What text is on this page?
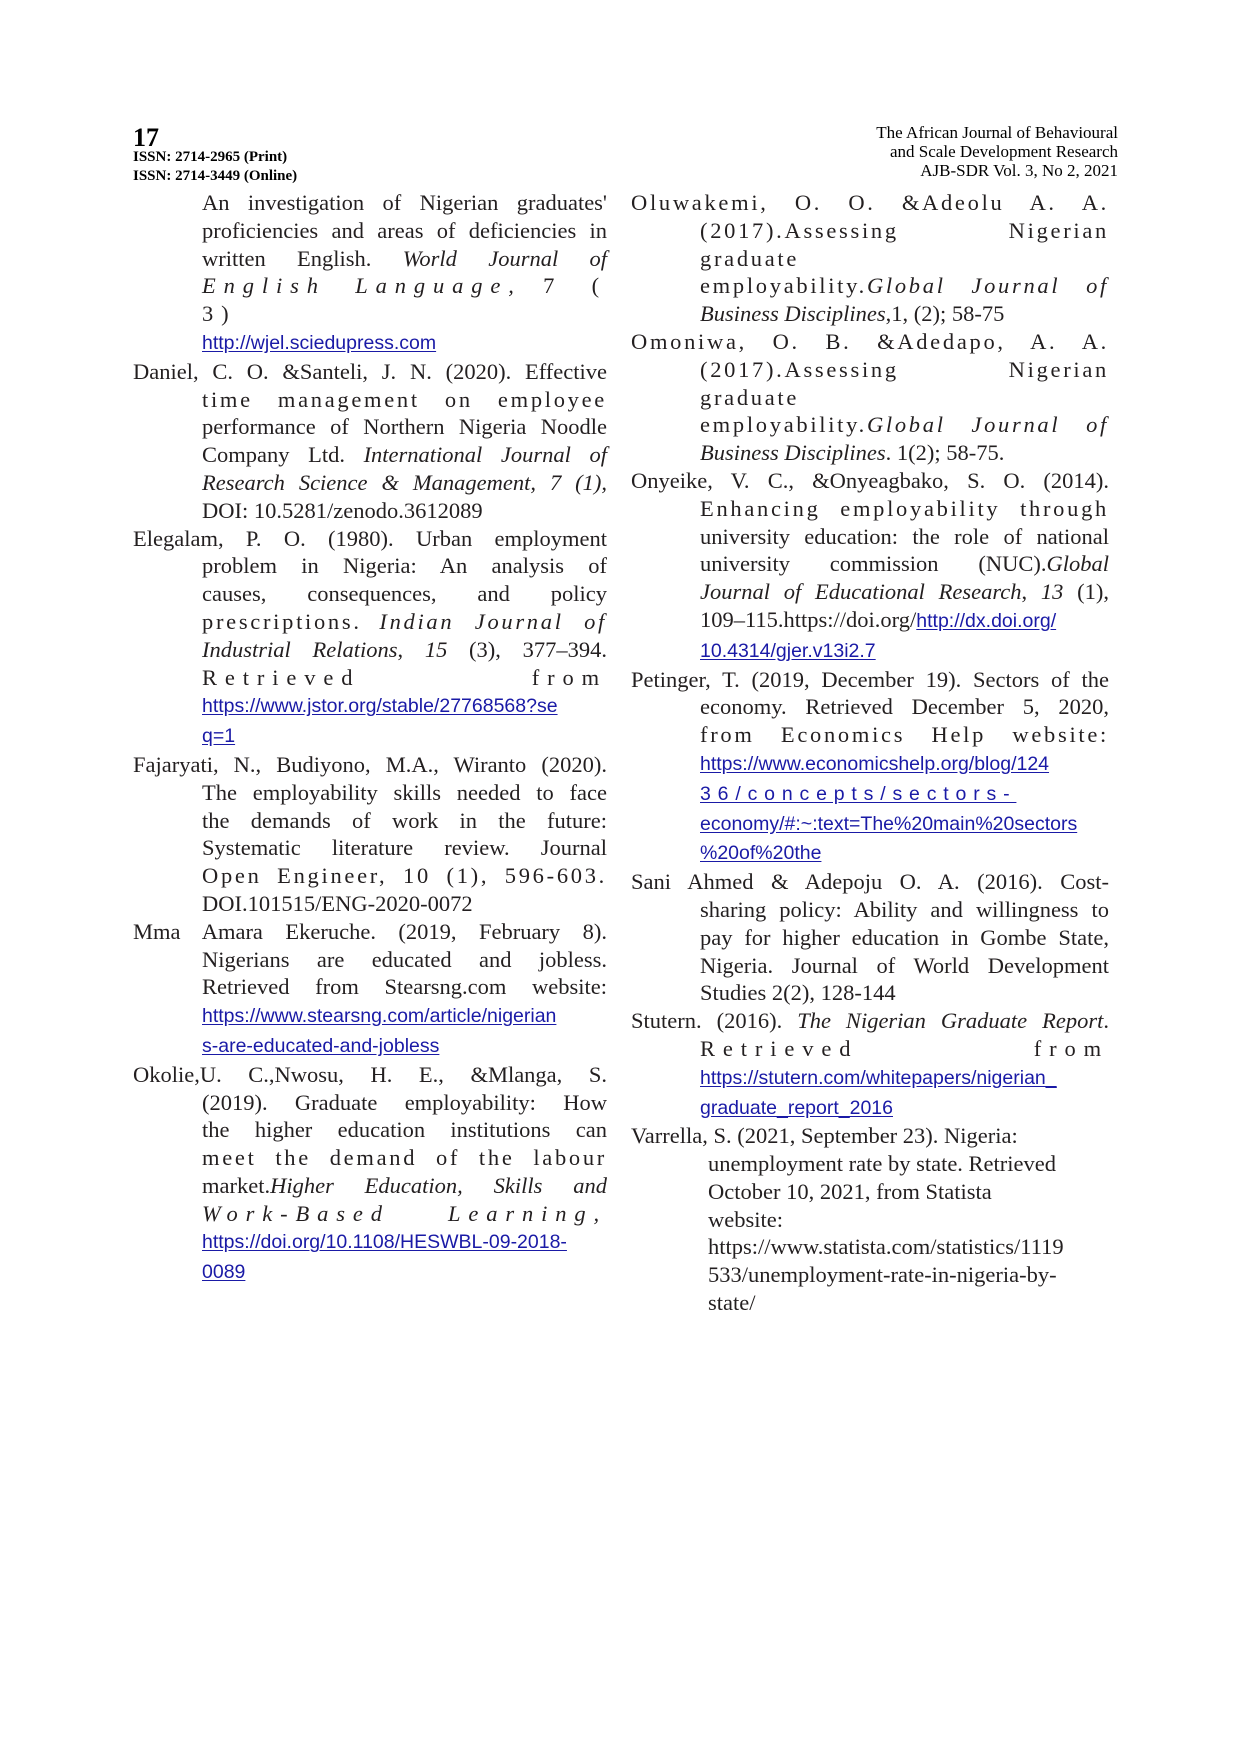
17
ISSN: 2714-2965 (Print)
ISSN: 2714-3449 (Online)
The African Journal of Behavioural
and Scale Development Research
AJB-SDR Vol. 3, No 2, 2021
An investigation of Nigerian graduates'
proficiencies and areas of deficiencies in
written English. World Journal of
English Language, 7 ( 3)
http://wjel.sciedupress.com
Daniel, C. O. &Santeli, J. N. (2020). Effective
time management on employee
performance of Northern Nigeria Noodle
Company Ltd. International Journal of
Research Science & Management, 7 (1),
DOI: 10.5281/zenodo.3612089
Elegalam, P. O. (1980). Urban employment
problem in Nigeria: An analysis of
causes, consequences, and policy
prescriptions. Indian Journal of
Industrial Relations, 15 (3), 377–394.
Retrieved	from
https://www.jstor.org/stable/27768568?se
q=1
Fajaryati, N., Budiyono, M.A., Wiranto (2020).
The employability skills needed to face
the demands of work in the future:
Systematic literature review. Journal
Open Engineer, 10 (1), 596-603.
DOI.101515/ENG-2020-0072
Mma Amara Ekeruche. (2019, February 8).
Nigerians are educated and jobless.
Retrieved from Stearsng.com website:
https://www.stearsng.com/article/nigerian
s-are-educated-and-jobless
Okolie,U. C.,Nwosu, H. E., &Mlanga, S.
(2019). Graduate employability: How
the higher education institutions can
meet the demand of the labour
market.Higher Education, Skills and
Work-Based Learning,
https://doi.org/10.1108/HESWBL-09-2018-
0089
Oluwakemi, O. O. &Adeolu A. A.
(2017).Assessing Nigerian graduate
employability.Global Journal of
Business Disciplines,1, (2); 58-75
Omoniwa, O. B. &Adedapo, A. A.
(2017).Assessing Nigerian graduate
employability.Global Journal of
Business Disciplines. 1(2); 58-75.
Onyeike, V. C., &Onyeagbako, S. O. (2014).
Enhancing employability through
university education: the role of national
university commission (NUC).Global
Journal of Educational Research, 13 (1),
109–115.https://doi.org/http://dx.doi.org/
10.4314/gjer.v13i2.7
Petinger, T. (2019, December 19). Sectors of the
economy. Retrieved December 5, 2020,
from Economics Help website:
https://www.economicshelp.org/blog/124
36/concepts/sectors-
economy/#:~:text=The%20main%20sectors
%20of%20the
Sani Ahmed & Adepoju O. A. (2016). Cost-
sharing policy: Ability and willingness to
pay for higher education in Gombe State,
Nigeria. Journal of World Development
Studies 2(2), 128-144
Stutern. (2016). The Nigerian Graduate Report.
Retrieved	from
https://stutern.com/whitepapers/nigerian_
graduate_report_2016
Varrella, S. (2021, September 23). Nigeria:
unemployment rate by state. Retrieved
October 10, 2021, from Statista
website:
https://www.statista.com/statistics/1119
533/unemployment-rate-in-nigeria-by-
state/
